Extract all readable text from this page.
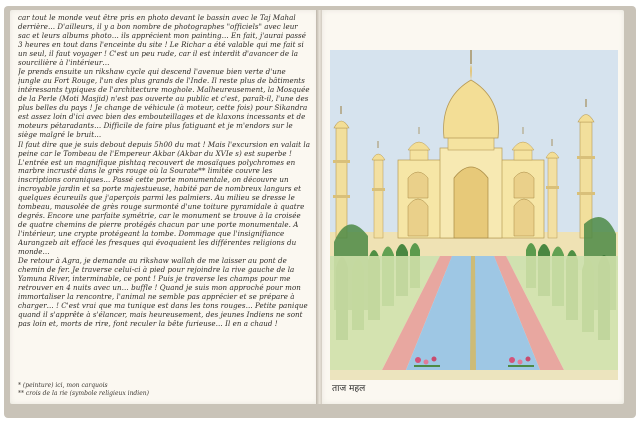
car tout le monde veut être pris en photo devant le bassin avec le Taj Mahal derrière… D'ailleurs, il y a bon nombre de photographes "officiels" avec leur sac et leurs albums photo… ils apprécient mon painting… En fait, j'aurai passé 3 heures en tout dans l'enceinte du site ! Le Richar a été valable qui me fait si un seul, il faut voyager ! C'est un peu rude, car il est interdit d'avancer de la sourcilière à l'intérieur…

Je prends ensuite un rikshaw cycle qui descend l'avenue bien verte d'une jungle au Fort Rouge, l'un des plus grands de l'Inde. Il reste plus de bâtiments intéressants typiques de l'architecture moghole. Malheureusement, la Mosquée de la Perle (Moti Masjid) n'est pas ouverte au public et c'est, paraît-il, l'une des plus belles du pays ! Je change de véhicule (à moteur, cette fois) pour Sikandra est assez loin d'ici avec bien des embouteillages et de klaxons incessants et de moteurs pétaradants… Difficile de faire plus fatiguant et je m'endors sur le siège malgré le bruit…

Il faut dire que je suis debout depuis 5h00 du mat ! Mais l'excursion en valait la peine car le Tombeau de l'Empereur Akbar (Akbar du XVIe s) est superbe ! L'entrée est un magnifique pishtaq recouvert de mosaïques polychromes en marbre incrusté dans le grès rouge où la Sourate** limitée couvre les inscriptions coraniques… Passé cette porte monumentale, on découvre un incroyable jardin et sa porte majestueuse, habité par de nombreux langurs et quelques écureuils que j'aperçois parmi les palmiers. Au milieu se dresse le tombeau, mausolée de grès rouge surmonté d'une toiture pyramidale à quatre degrés. Encore une parfaite symétrie, car le monument se trouve à la croisée de quatre chemins de pierre protégés chacun par une porte monumentale. A l'intérieur, une crypte protégeant la tombe. Dommage que l'insignifiance Aurangzeb ait effacé les fresques qui évoquaient les différentes religions du monde…

De retour à Agra, je demande au rikshaw wallah de me laisser au pont de chemin de fer. Je traverse celui-ci à pied pour rejoindre la rive gauche de la Yamuna River, interminable, ce pont ! Puis je traverse les champs pour me retrouver en 4 nuits avec un… buffle ! Quand je suis mon approché pour mon immortaliser la rencontre, l'animal ne semble pas apprécier et se prépare à charger… ! C'est vrai que ma tunique est dans les tons rouges… Petite panique quand il s'apprête à s'élancer, mais heureusement, des jeunes Indiens ne sont pas loin et, morts de rire, font reculer la bête furieuse… Il en a chaud !

* (peinture) ici, mon carquois
** crois de la rie (symbole religieux indien)	ताज महल
